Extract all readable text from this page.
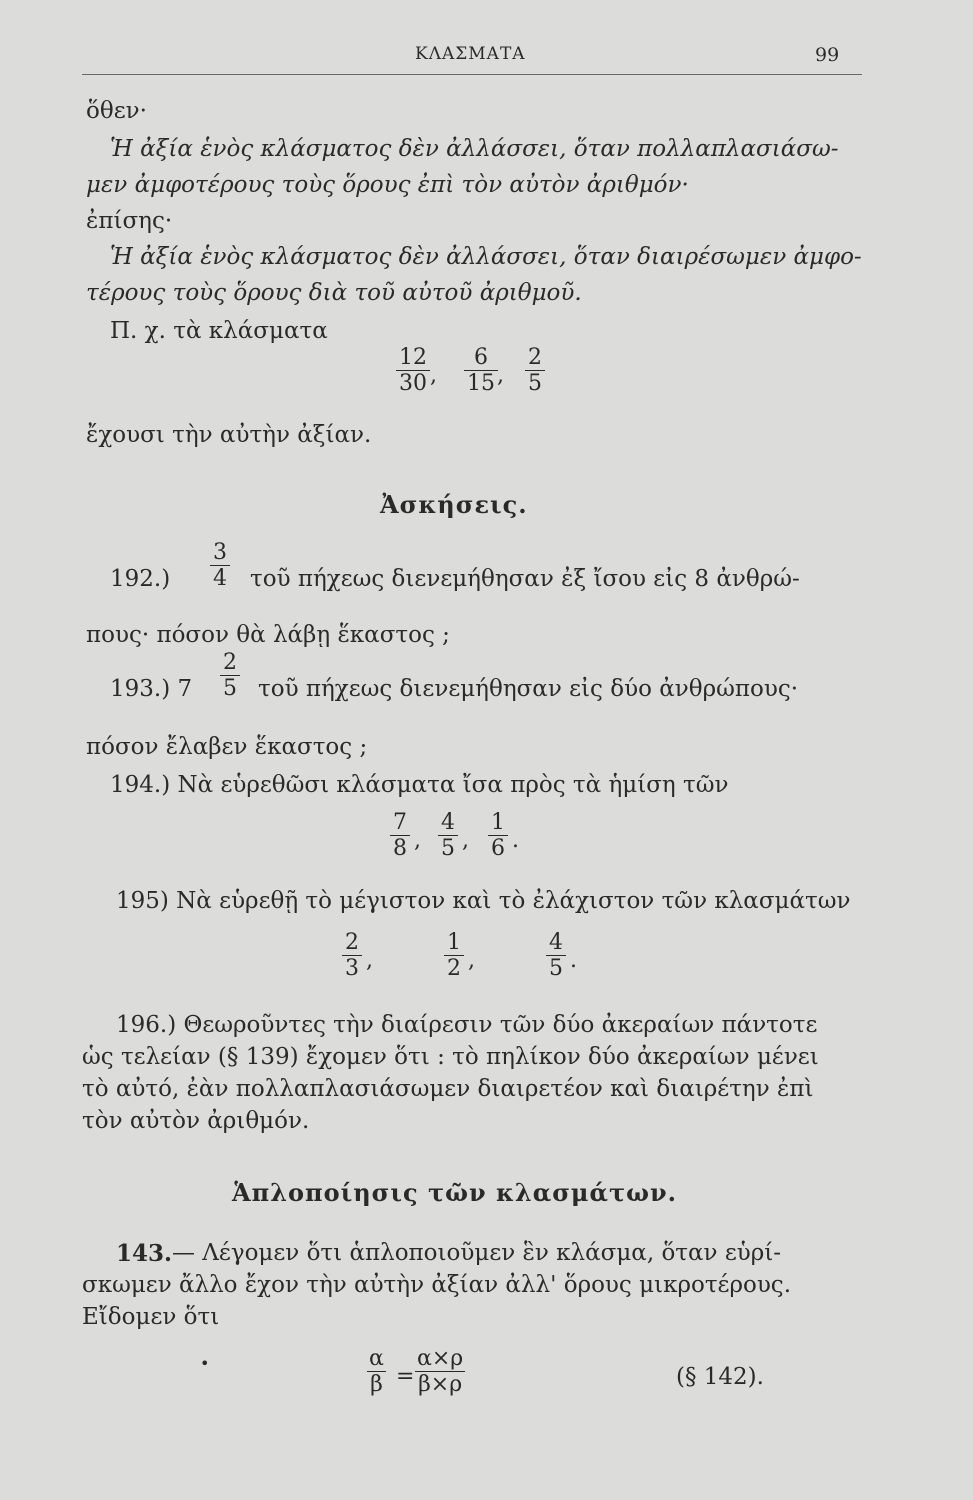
ΚΛΑΣΜΑΤΑ	99
ὅθεν·
Ἡ ἀξία ἑνὸς κλάσματος δὲν ἀλλάσσει, ὅταν πολλαπλασιάσω-
μεν ἀμφοτέρους τοὺς ὅρους ἐπὶ τὸν αὐτὸν ἀριθμόν·
ἐπίσης·
Ἡ ἀξία ἑνὸς κλάσματος δὲν ἀλλάσσει, ὅταν διαιρέσωμεν ἀμφο-
τέρους τοὺς ὅρους διὰ τοῦ αὐτοῦ ἀριθμοῦ.
Π. χ. τὰ κλάσματα
$\frac{12}{30}$ , $\frac{6}{15}$ , $\frac{2}{5}$
ἔχουσι τὴν αὐτὴν ἀξίαν.
Ἀσκήσεις.
$192.) \frac{3}{4}$ τοῦ πήχεως διενεμήθησαν ἐξ ἴσου εἰς 8 ἀνθρώ-
πους· πόσον θὰ λάβῃ ἕκαστος ;
193.) $7 \frac{2}{5}$ τοῦ πήχεως διενεμήθησαν εἰς δύο ἀνθρώπους·
πόσον ἔλαβεν ἕκαστος ;
194.) Νὰ εὑρεθῶσι κλάσματα ἴσα πρὸς τὰ ἡμίση τῶν
$\frac{7}{8}$ , $\frac{4}{5}$ , $\frac{1}{6}$ .
195) Νὰ εὑρεθῇ τὸ μέγιστον καὶ τὸ ἐλάχιστον τῶν κλασμάτων
$\frac{2}{3}$ ,	$\frac{1}{2}$ ,	$\frac{4}{5}$ .
196.) Θεωροῦντες τὴν διαίρεσιν τῶν δύο ἀκεραίων πάντοτε
ὡς τελείαν (§ 139) ἔχομεν ὅτι : τὸ πηλίκον δύο ἀκεραίων μένει
τὸ αὐτό, ἐὰν πολλαπλασιάσωμεν διαιρετέον καὶ διαιρέτην ἐπὶ
τὸν αὐτὸν ἀριθμόν.
Ἁπλοποίησις τῶν κλασμάτων.
143. — Λέγομεν ὅτι ἁπλοποιοῦμεν ἓν κλάσμα, ὅταν εὑρί-
σκωμεν ἄλλο ἔχον τὴν αὐτὴν ἀξίαν ἀλλ' ὅρους μικροτέρους.
Εἴδομεν ὅτι
•	$\frac{\alpha}{\beta} = \frac{\alpha\times\rho}{\beta\times\rho}$	(§ 142).
